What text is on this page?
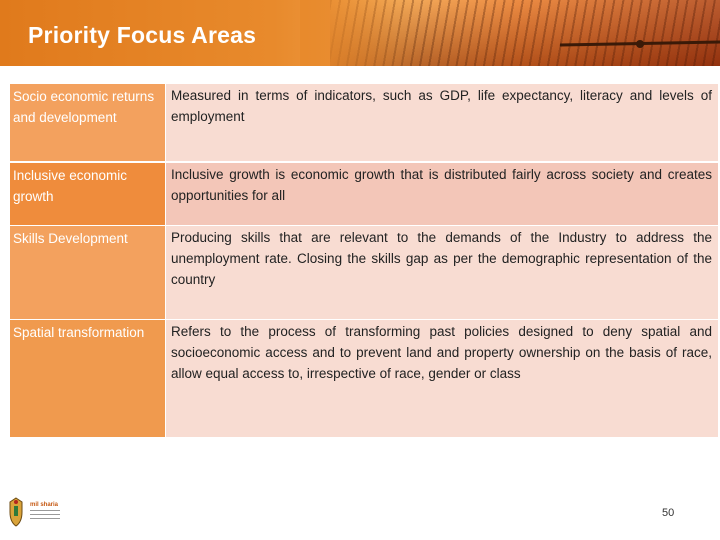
Priority Focus Areas
Socio economic returns and development
Measured in terms of indicators, such as GDP, life expectancy, literacy and levels of employment
Inclusive economic growth
Inclusive growth is economic growth that is distributed fairly across society and creates opportunities for all
Skills Development	Producing skills that are relevant to the demands of the Industry to address the unemployment rate. Closing the skills gap as per the demographic representation of the country
Spatial transformation	Refers to the process of transforming past policies designed to deny spatial and socioeconomic access and to prevent land and property ownership on the basis of race, allow equal access to, irrespective of race, gender or class
mil sharia
50
